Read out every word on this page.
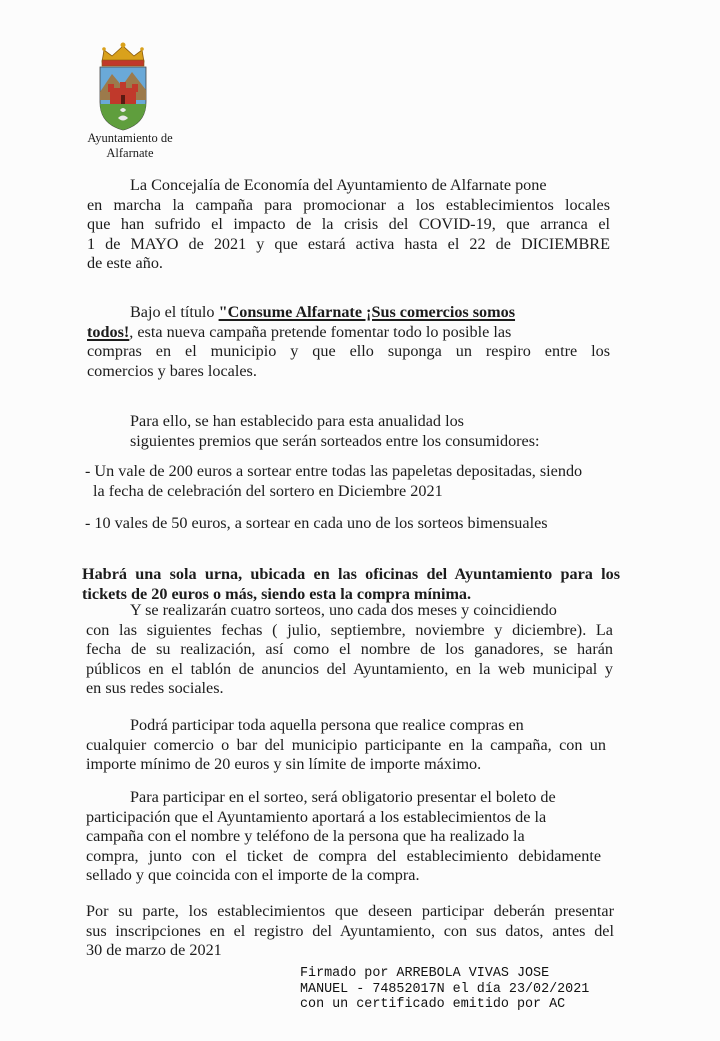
Ayuntamiento de
Alfarnate
La Concejalía de Economía del Ayuntamiento de Alfarnate pone
en marcha la campaña para promocionar a los establecimientos locales
que han sufrido el impacto de la crisis del COVID-19, que arranca el
1 de MAYO de 2021 y que estará activa hasta el 22 de DICIEMBRE
de este año.
Bajo el título "Consume Alfarnate ¡Sus comercios somos
todos!, esta nueva campaña pretende fomentar todo lo posible las
compras en el municipio y que ello suponga un respiro entre los
comercios y bares locales.
Para ello, se han establecido para esta anualidad los
siguientes premios que serán sorteados entre los consumidores:
- Un vale de 200 euros a sortear entre todas las papeletas depositadas, siendo
la fecha de celebración del sortero en Diciembre 2021
- 10 vales de 50 euros, a sortear en cada uno de los sorteos bimensuales
Habrá una sola urna, ubicada en las oficinas del Ayuntamiento para los
tickets de 20 euros o más, siendo esta la compra mínima.
Y se realizarán cuatro sorteos, uno cada dos meses y coincidiendo
con las siguientes fechas ( julio, septiembre, noviembre y diciembre). La
fecha de su realización, así como el nombre de los ganadores, se harán
públicos en el tablón de anuncios del Ayuntamiento, en la web municipal y
en sus redes sociales.
Podrá participar toda aquella persona que realice compras en
cualquier comercio o bar del municipio participante en la campaña, con un
importe mínimo de 20 euros y sin límite de importe máximo.
Para participar en el sorteo, será obligatorio presentar el boleto de
participación que el Ayuntamiento aportará a los establecimientos de la
campaña con el nombre y teléfono de la persona que ha realizado la
compra, junto con el ticket de compra del establecimiento debidamente
sellado y que coincida con el importe de la compra.
Por su parte, los establecimientos que deseen participar deberán presentar
sus inscripciones en el registro del Ayuntamiento, con sus datos, antes del
30 de marzo de 2021
Firmado por ARREBOLA VIVAS JOSE
MANUEL - 74852017N el día 23/02/2021
con un certificado emitido por AC
